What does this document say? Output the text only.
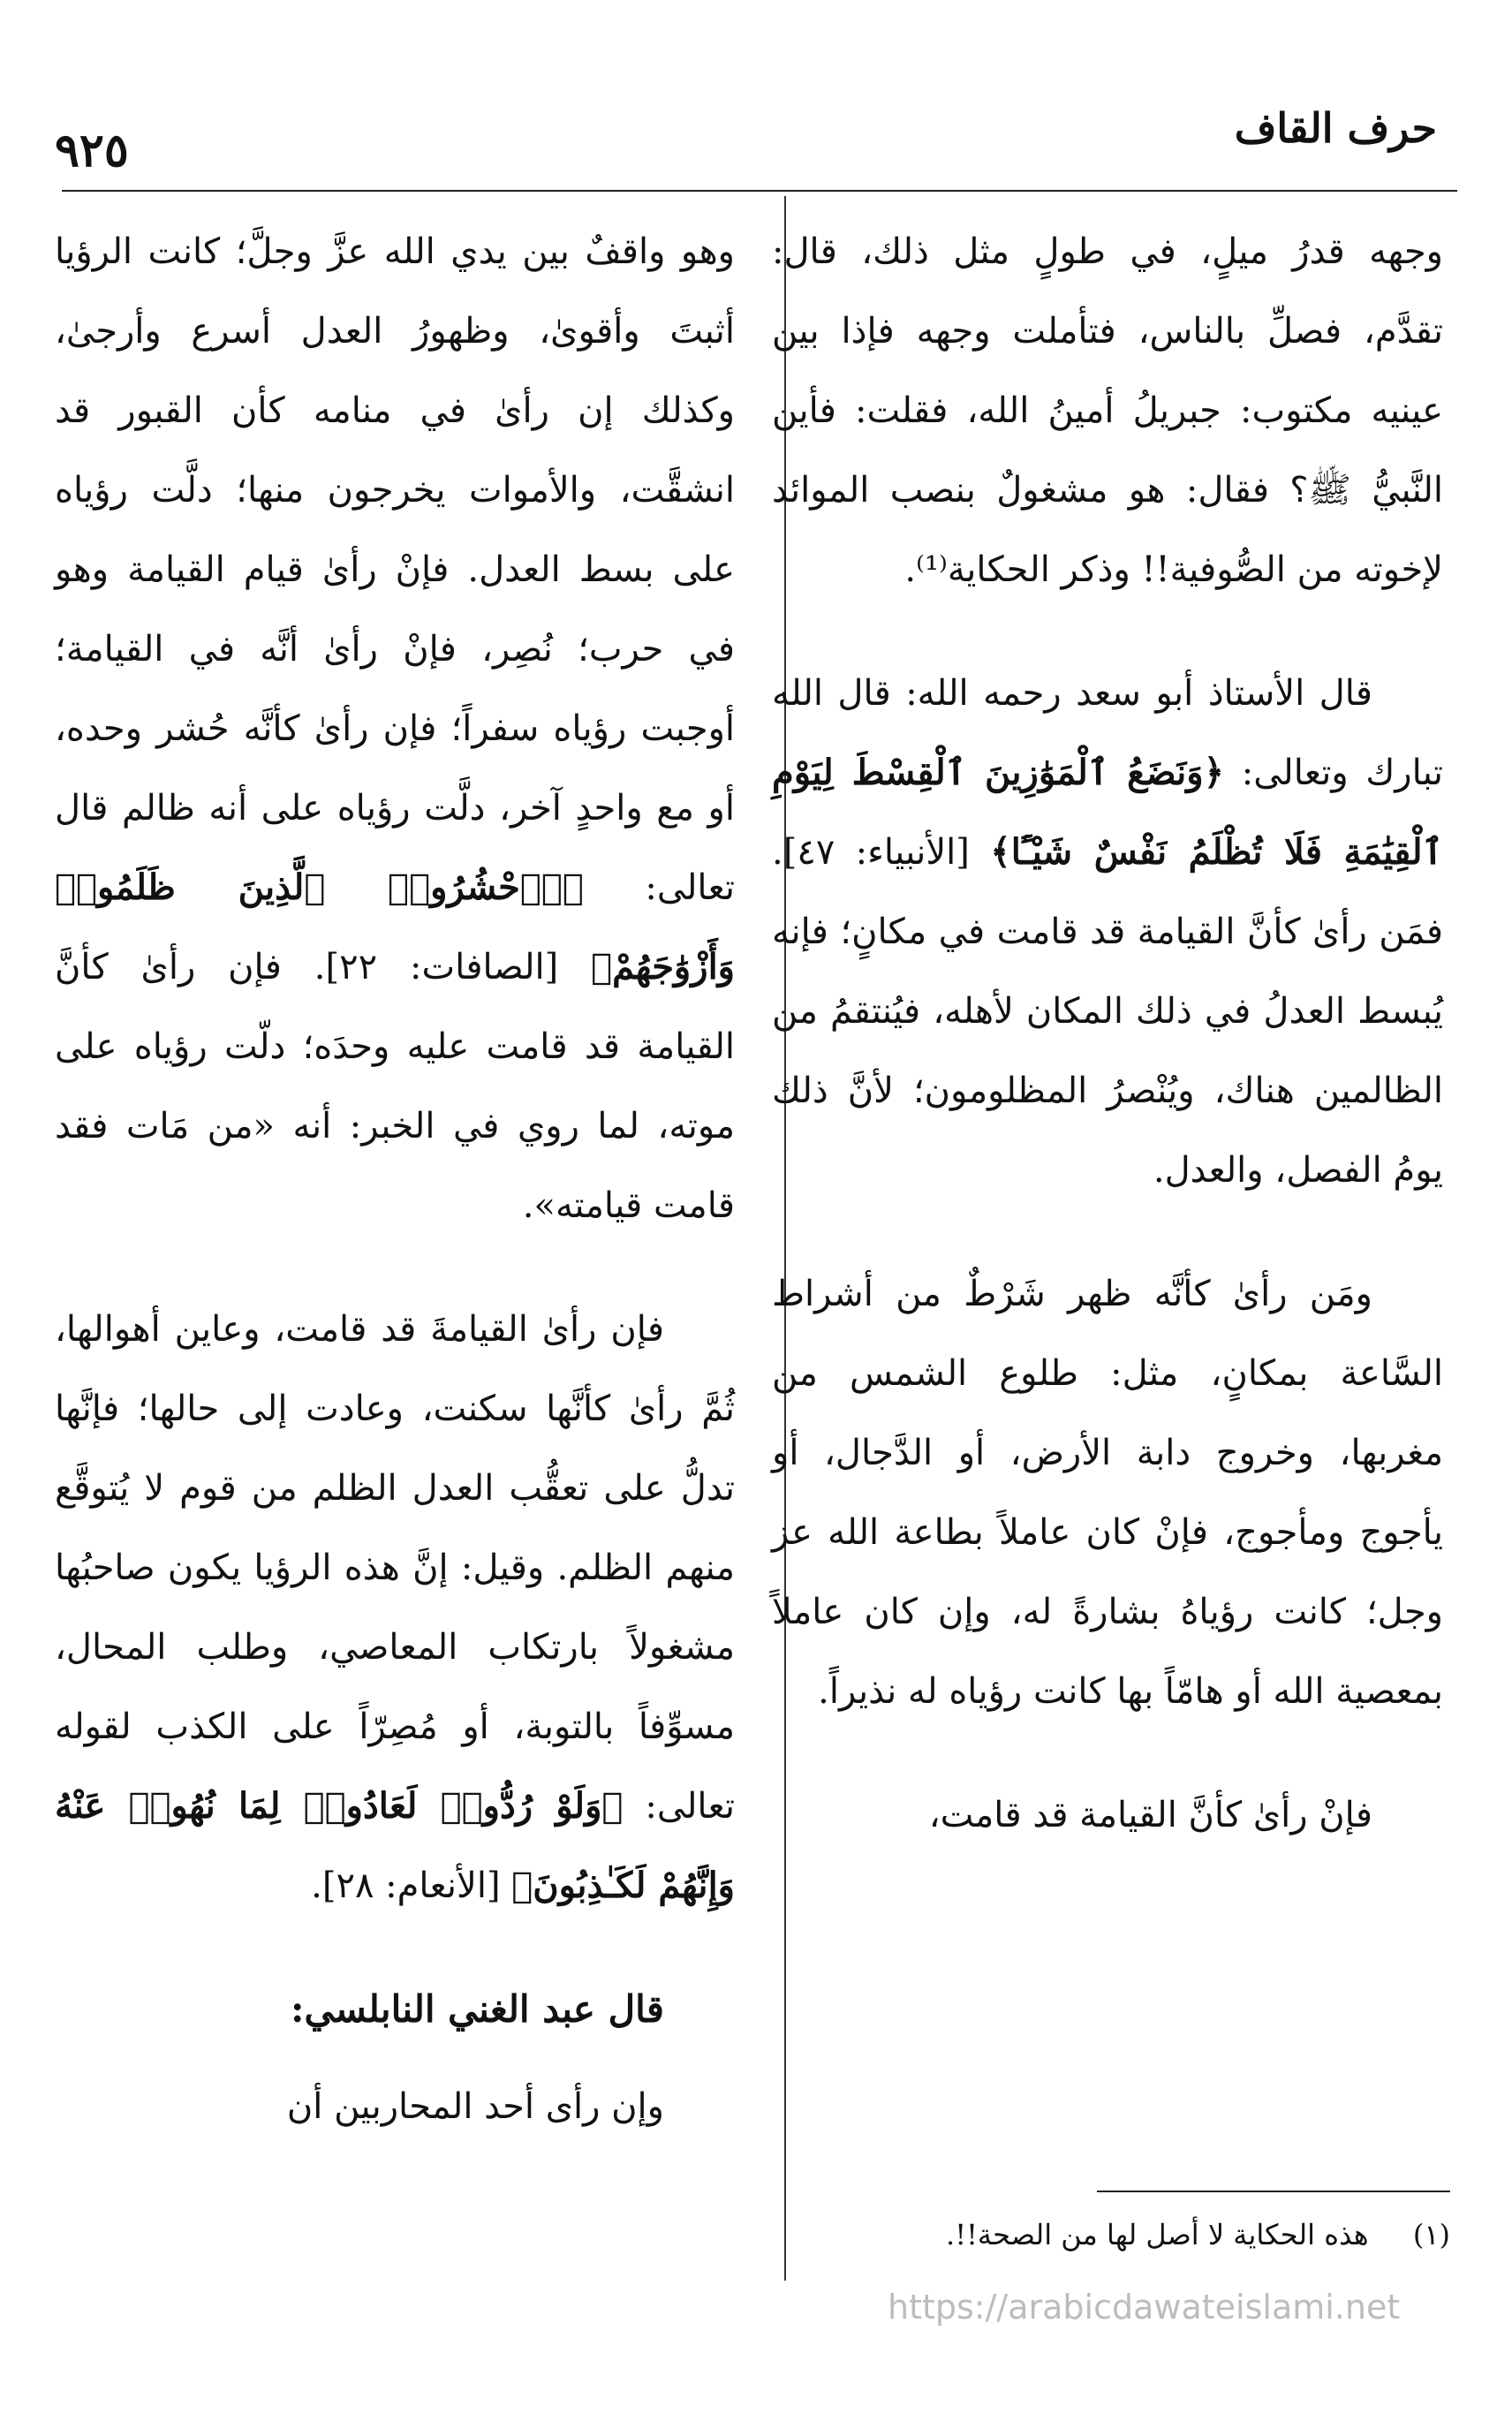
حرف القاف
٩٢٥

وجهه قدرُ ميلٍ، في طولٍ مثل ذلك، قال: تقدَّم، فصلِّ بالناس، فتأملت وجهه فإذا بين عينيه مكتوب: جبريلُ أمينُ الله، فقلت: فأين النَّبيُّ ﷺ؟ فقال: هو مشغولٌ بنصب الموائد لإخوته من الصُّوفية!! وذكر الحكاية⁽¹⁾.

قال الأستاذ أبو سعد رحمه الله: قال الله تبارك وتعالى: ﴿وَنَضَعُ ٱلْمَوَٰزِينَ ٱلْقِسْطَ لِيَوْمِ ٱلْقِيَٰمَةِ فَلَا تُظْلَمُ نَفْسٌ شَيْـًٔا﴾ [الأنبياء: ٤٧]. فمَن رأىٰ كأنَّ القيامة قد قامت في مكانٍ؛ فإنه يُبسط العدلُ في ذلك المكان لأهله، فيُنتقمُ من الظالمين هناك، ويُنْصرُ المظلومون؛ لأنَّ ذلك يومُ الفصل، والعدل.

ومَن رأىٰ كأنَّه ظهر شَرْطٌ من أشراط السَّاعة بمكانٍ، مثل: طلوع الشمس من مغربها، وخروج دابة الأرض، أو الدَّجال، أو يأجوج ومأجوج، فإنْ كان عاملاً بطاعة الله عز وجل؛ كانت رؤياهُ بشارةً له، وإن كان عاملاً بمعصية الله أو هامّاً بها كانت رؤياه له نذيراً.

فإنْ رأىٰ كأنَّ القيامة قد قامت،

وهو واقفٌ بين يدي الله عزَّ وجلَّ؛ كانت الرؤيا أثبتَ وأقوىٰ، وظهورُ العدل أسرع وأرجىٰ، وكذلك إن رأىٰ في منامه كأن القبور قد انشقَّت، والأموات يخرجون منها؛ دلَّت رؤياه على بسط العدل. فإنْ رأىٰ قيام القيامة وهو في حرب؛ نُصِر، فإنْ رأىٰ أنَّه في القيامة؛ أوجبت رؤياه سفراً؛ فإن رأىٰ كأنَّه حُشر وحده، أو مع واحدٍ آخر، دلَّت رؤياه على أنه ظالم قال تعالى: ﴿۞ٱحْشُرُوا۟ ٱلَّذِينَ ظَلَمُوا۟ وَأَزْوَٰجَهُمْ﴾ [الصافات: ٢٢]. فإن رأىٰ كأنَّ القيامة قد قامت عليه وحدَه؛ دلّت رؤياه على موته، لما روي في الخبر: أنه «من مَات فقد قامت قيامته».

فإن رأىٰ القيامةَ قد قامت، وعاين أهوالها، ثُمَّ رأىٰ كأنَّها سكنت، وعادت إلى حالها؛ فإنَّها تدلُّ على تعقُّب العدل الظلم من قوم لا يُتوقَّع منهم الظلم. وقيل: إنَّ هذه الرؤيا يكون صاحبُها مشغولاً بارتكاب المعاصي، وطلب المحال، مسوِّفاً بالتوبة، أو مُصِرّاً على الكذب لقوله تعالى: ﴿وَلَوْ رُدُّوا۟ لَعَادُوا۟ لِمَا نُهُوا۟ عَنْهُ وَإِنَّهُمْ لَكَـٰذِبُونَ﴾ [الأنعام: ٢٨].

قال عبد الغني النابلسي:

وإن رأى أحد المحاربين أن

(١) هذه الحكاية لا أصل لها من الصحة!!.
https://arabicdawateislami.net
